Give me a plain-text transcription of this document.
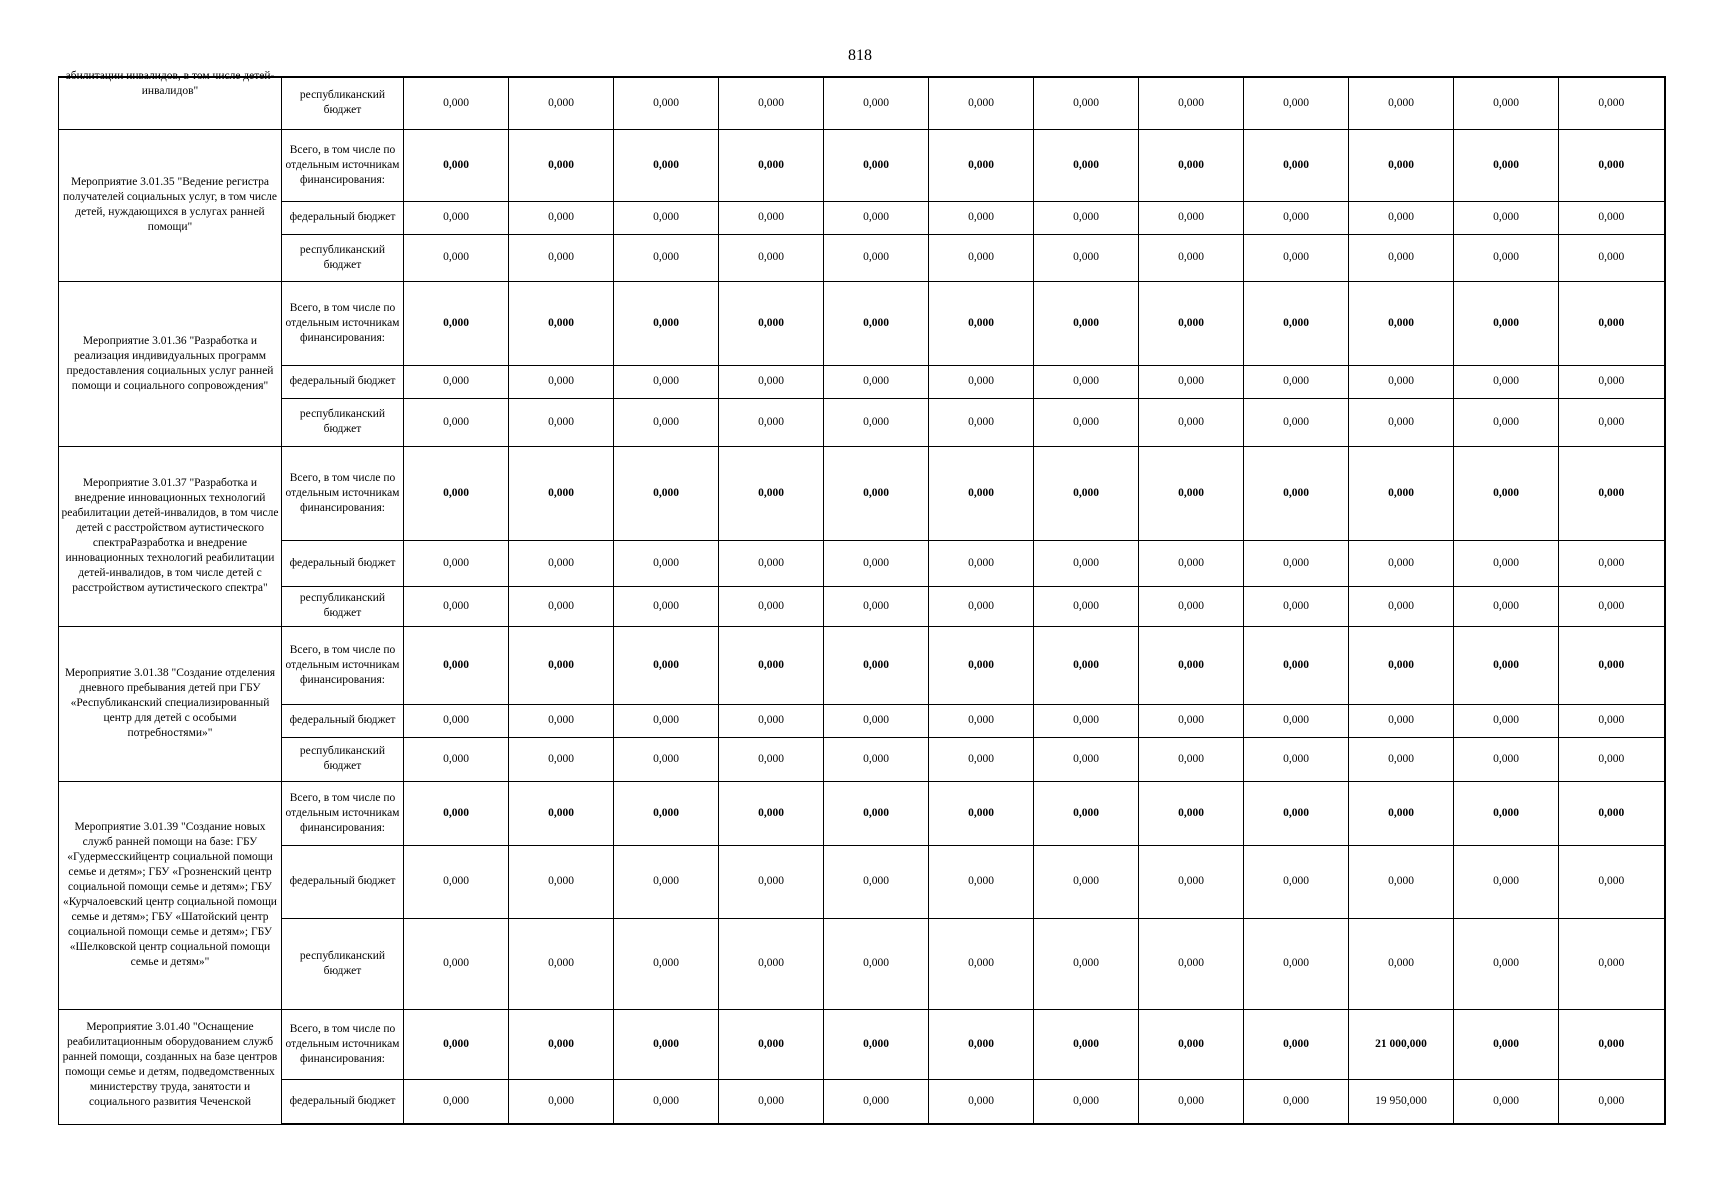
818
абилитации инвалидов, в том числе детей-инвалидов"	республиканский бюджет	0,000	0,000	0,000	0,000	0,000	0,000	0,000	0,000	0,000	0,000	0,000	0,000
Мероприятие 3.01.35 "Ведение регистра получателей социальных услуг, в том числе детей, нуждающихся в услугах ранней помощи"	Всего, в том числе по отдельным источникам финансирования:	0,000	0,000	0,000	0,000	0,000	0,000	0,000	0,000	0,000	0,000	0,000	0,000
	федеральный бюджет	0,000	0,000	0,000	0,000	0,000	0,000	0,000	0,000	0,000	0,000	0,000	0,000
	республиканский бюджет	0,000	0,000	0,000	0,000	0,000	0,000	0,000	0,000	0,000	0,000	0,000	0,000
Мероприятие 3.01.36 "Разработка и реализация индивидуальных программ предоставления социальных услуг ранней помощи и социального сопровождения"	Всего, в том числе по отдельным источникам финансирования:	0,000	0,000	0,000	0,000	0,000	0,000	0,000	0,000	0,000	0,000	0,000	0,000
	федеральный бюджет	0,000	0,000	0,000	0,000	0,000	0,000	0,000	0,000	0,000	0,000	0,000	0,000
	республиканский бюджет	0,000	0,000	0,000	0,000	0,000	0,000	0,000	0,000	0,000	0,000	0,000	0,000
Мероприятие 3.01.37 "Разработка и внедрение инновационных технологий реабилитации детей-инвалидов, в том числе детей с расстройством аутистического спектраРазработка и внедрение инновационных технологий реабилитации детей-инвалидов, в том числе детей с расстройством аутистического спектра"	Всего, в том числе по отдельным источникам финансирования:	0,000	0,000	0,000	0,000	0,000	0,000	0,000	0,000	0,000	0,000	0,000	0,000
	федеральный бюджет	0,000	0,000	0,000	0,000	0,000	0,000	0,000	0,000	0,000	0,000	0,000	0,000
	республиканский бюджет	0,000	0,000	0,000	0,000	0,000	0,000	0,000	0,000	0,000	0,000	0,000	0,000
Мероприятие 3.01.38 "Создание отделения дневного пребывания детей при ГБУ «Республиканский специализированный центр для детей с особыми потребностями»"	Всего, в том числе по отдельным источникам финансирования:	0,000	0,000	0,000	0,000	0,000	0,000	0,000	0,000	0,000	0,000	0,000	0,000
	федеральный бюджет	0,000	0,000	0,000	0,000	0,000	0,000	0,000	0,000	0,000	0,000	0,000	0,000
	республиканский бюджет	0,000	0,000	0,000	0,000	0,000	0,000	0,000	0,000	0,000	0,000	0,000	0,000
Мероприятие 3.01.39 "Создание новых служб ранней помощи на базе: ГБУ «Гудермесскийцентр социальной помощи семье и детям»; ГБУ «Грозненский центр социальной помощи семье и детям»; ГБУ «Курчалоевский центр социальной помощи семье и детям»; ГБУ «Шатойский центр социальной помощи семье и детям»; ГБУ «Шелковской центр социальной помощи семье и детям»"	Всего, в том числе по отдельным источникам финансирования:	0,000	0,000	0,000	0,000	0,000	0,000	0,000	0,000	0,000	0,000	0,000	0,000
	федеральный бюджет	0,000	0,000	0,000	0,000	0,000	0,000	0,000	0,000	0,000	0,000	0,000	0,000
	республиканский бюджет	0,000	0,000	0,000	0,000	0,000	0,000	0,000	0,000	0,000	0,000	0,000	0,000

Мероприятие 3.01.40 "Оснащение реабилитационным оборудованием служб ранней помощи, созданных на базе центров помощи семье и детям, подведомственных министерству труда, занятости и социального развития Чеченской	Всего, в том числе по отдельным источникам финансирования:	0,000	0,000	0,000	0,000	0,000	0,000	0,000	0,000	0,000	21 000,000	0,000	0,000
	федеральный бюджет	0,000	0,000	0,000	0,000	0,000	0,000	0,000	0,000	0,000	19 950,000	0,000	0,000
